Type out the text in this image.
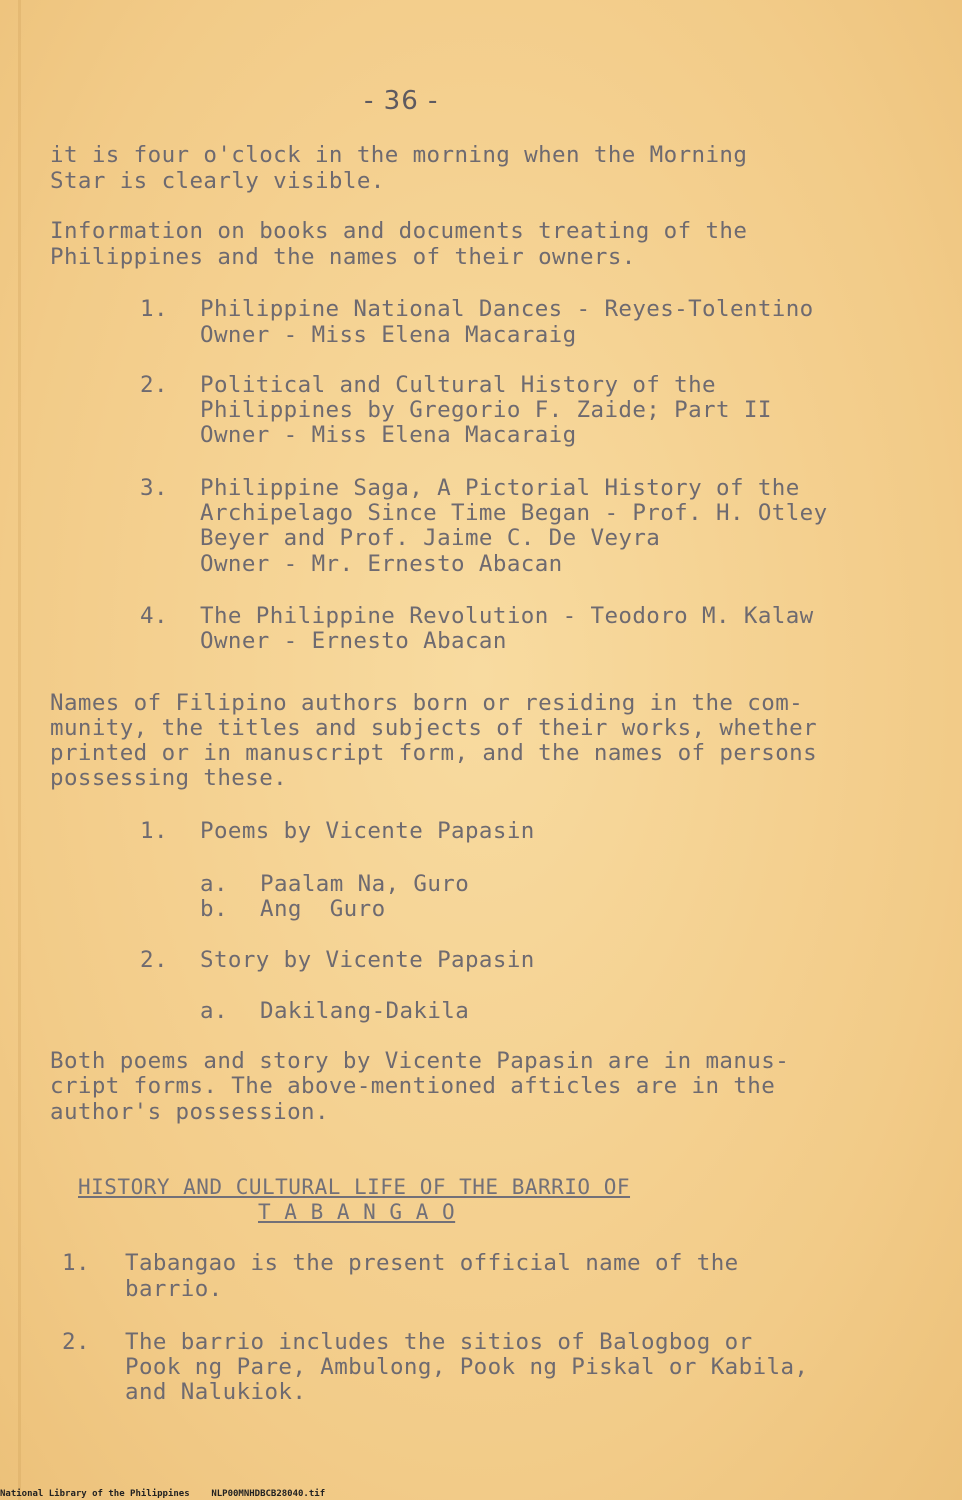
- 36 -
it is four o'clock in the morning when the Morning
Star is clearly visible.
Information on books and documents treating of the
Philippines and the names of their owners.
1. Philippine National Dances - Reyes-Tolentino
Owner - Miss Elena Macaraig
2. Political and Cultural History of the
Philippines by Gregorio F. Zaide; Part II
Owner - Miss Elena Macaraig
3. Philippine Saga, A Pictorial History of the
Archipelago Since Time Began - Prof. H. Otley
Beyer and Prof. Jaime C. De Veyra
Owner - Mr. Ernesto Abacan
4. The Philippine Revolution - Teodoro M. Kalaw
Owner - Ernesto Abacan
Names of Filipino authors born or residing in the com-
munity, the titles and subjects of their works, whether
printed or in manuscript form, and the names of persons
possessing these.
1. Poems by Vicente Papasin
a. Paalam Na, Guro
b. Ang  Guro
2. Story by Vicente Papasin
a. Dakilang-Dakila
Both poems and story by Vicente Papasin are in manus-
cript forms. The above-mentioned afticles are in the
author's possession.
HISTORY AND CULTURAL LIFE OF THE BARRIO OF
T A B A N G A O
1. Tabangao is the present official name of the
barrio.
2. The barrio includes the sitios of Balogbog or
Pook ng Pare, Ambulong, Pook ng Piskal or Kabila,
and Nalukiok.
National Library of the Philippines    NLP00MNHDBCB28040.tif
